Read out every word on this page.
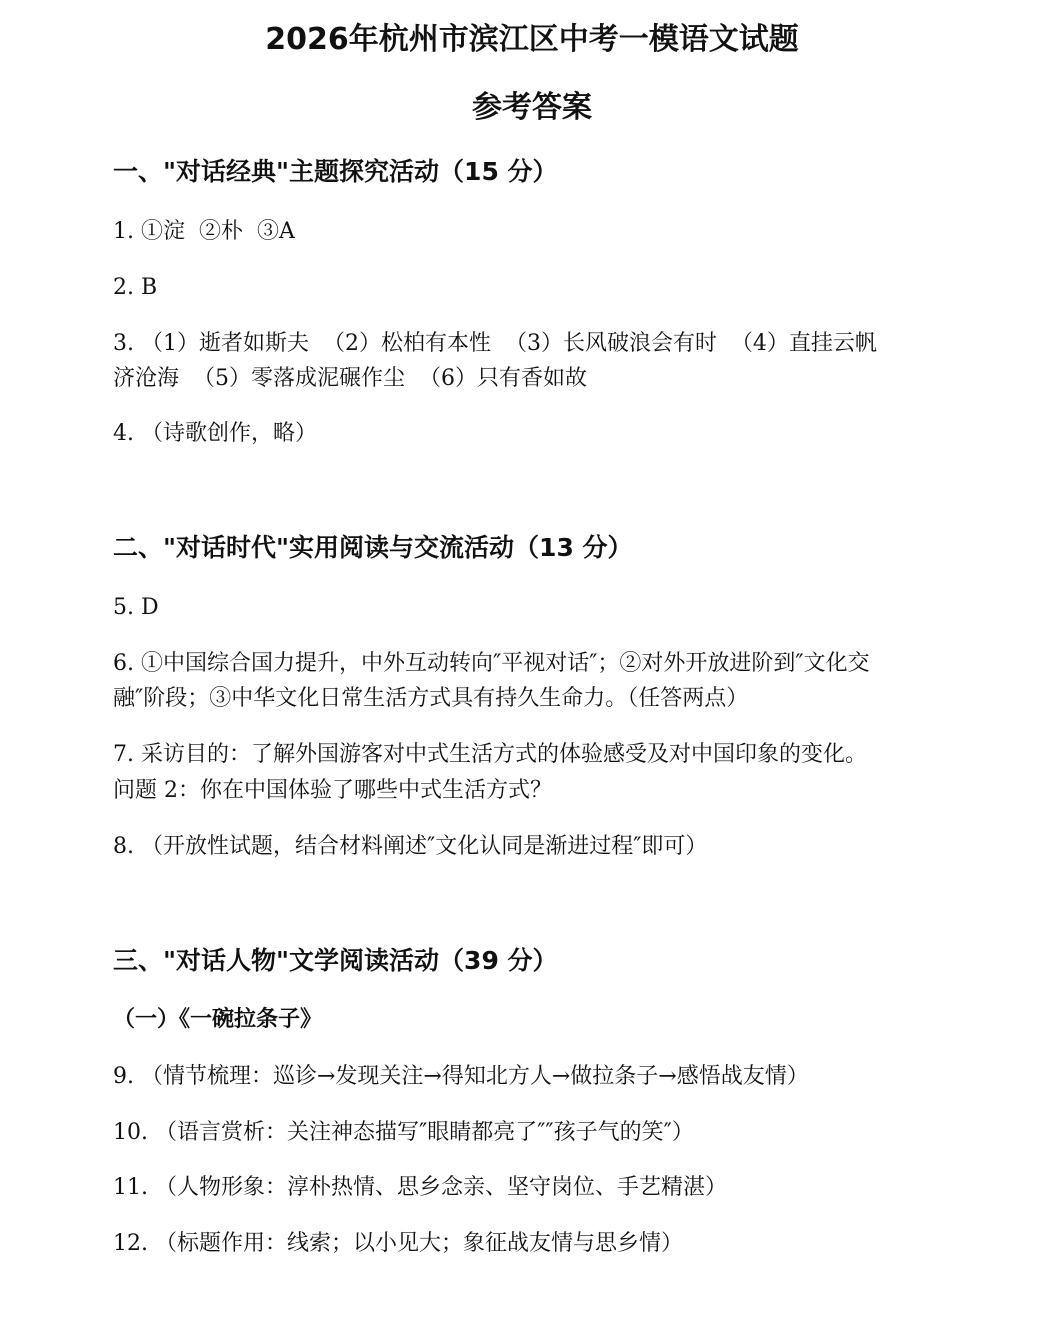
2026年杭州市滨江区中考一模语文试题
参考答案
一、"对话经典"主题探究活动（15 分）

1. ①淀  ②朴  ③A

2. B

3. （1）逝者如斯夫  （2）松柏有本性  （3）长风破浪会有时  （4）直挂云帆

济沧海  （5）零落成泥碾作尘  （6）只有香如故

4. （诗歌创作，略）

二、"对话时代"实用阅读与交流活动（13 分）

5. D

6. ①中国综合国力提升，中外互动转向″平视对话″；②对外开放进阶到″文化交

融″阶段；③中华文化日常生活方式具有持久生命力。（任答两点）

7. 采访目的：了解外国游客对中式生活方式的体验感受及对中国印象的变化。

问题 2：你在中国体验了哪些中式生活方式？

8. （开放性试题，结合材料阐述″文化认同是渐进过程″即可）

三、"对话人物"文学阅读活动（39 分）
（一）《一碗拉条子》

9. （情节梳理：巡诊→发现关注→得知北方人→做拉条子→感悟战友情）

10. （语言赏析：关注神态描写″眼睛都亮了″″孩子气的笑″）

11. （人物形象：淳朴热情、思乡念亲、坚守岗位、手艺精湛）

12. （标题作用：线索；以小见大；象征战友情与思乡情）
